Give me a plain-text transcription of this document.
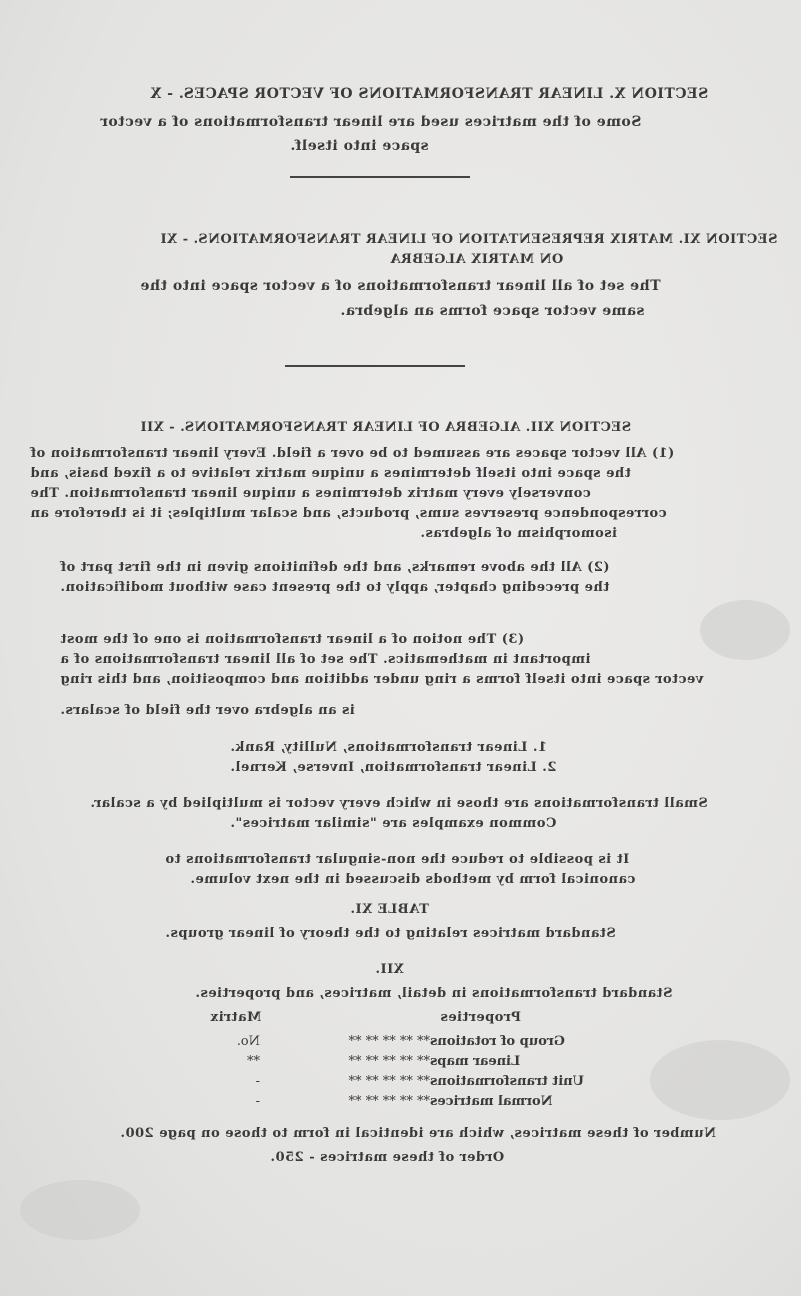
SECTION X. LINEAR TRANSFORMATIONS OF VECTOR SPACES. - X
Some of the matrices used are linear transformations of a vector
space into itself.
SECTION XI. MATRIX REPRESENTATION OF LINEAR TRANSFORMATIONS. - XI
ON MATRIX ALGEBRA
The set of all linear transformations of a vector space into the
same vector space forms an algebra.
SECTION XII. ALGEBRA OF LINEAR TRANSFORMATIONS. - XII
(1) All vector spaces are assumed to be over a field. Every linear transformation of
the space into itself determines a unique matrix relative to a fixed basis, and
conversely every matrix determines a unique linear transformation. The
correspondence preserves sums, products, and scalar multiples; it is therefore an
isomorphism of algebras.
(2) All the above remarks, and the definitions given in the first part of
the preceding chapter, apply to the present case without modification.
(3) The notion of a linear transformation is one of the most
important in mathematics. The set of all linear transformations of a
vector space into itself forms a ring under addition and composition, and this ring
is an algebra over the field of scalars.
1. Linear transformations, Nullity, Rank.
2. Linear transformation, Inverse, Kernel.
Small transformations are those in which every vector is multiplied by a scalar.
Common examples are "similar matrices".
It is possible to reduce the non-singular transformations to
canonical form by methods discussed in the next volume.
TABLE XI.
Standard matrices relating to the theory of linear groups.
XII.
Standard transformations in detail, matrices, and properties.
Matrix	Properties
No.	** ** ** ** **Group of rotations
**	** ** ** ** **Linear maps
-	** ** ** ** **Unit transformations
-	** ** ** ** **Normal matrices
Number of these matrices, which are identical in form to those on page 200.
Order of these matrices - 250.
